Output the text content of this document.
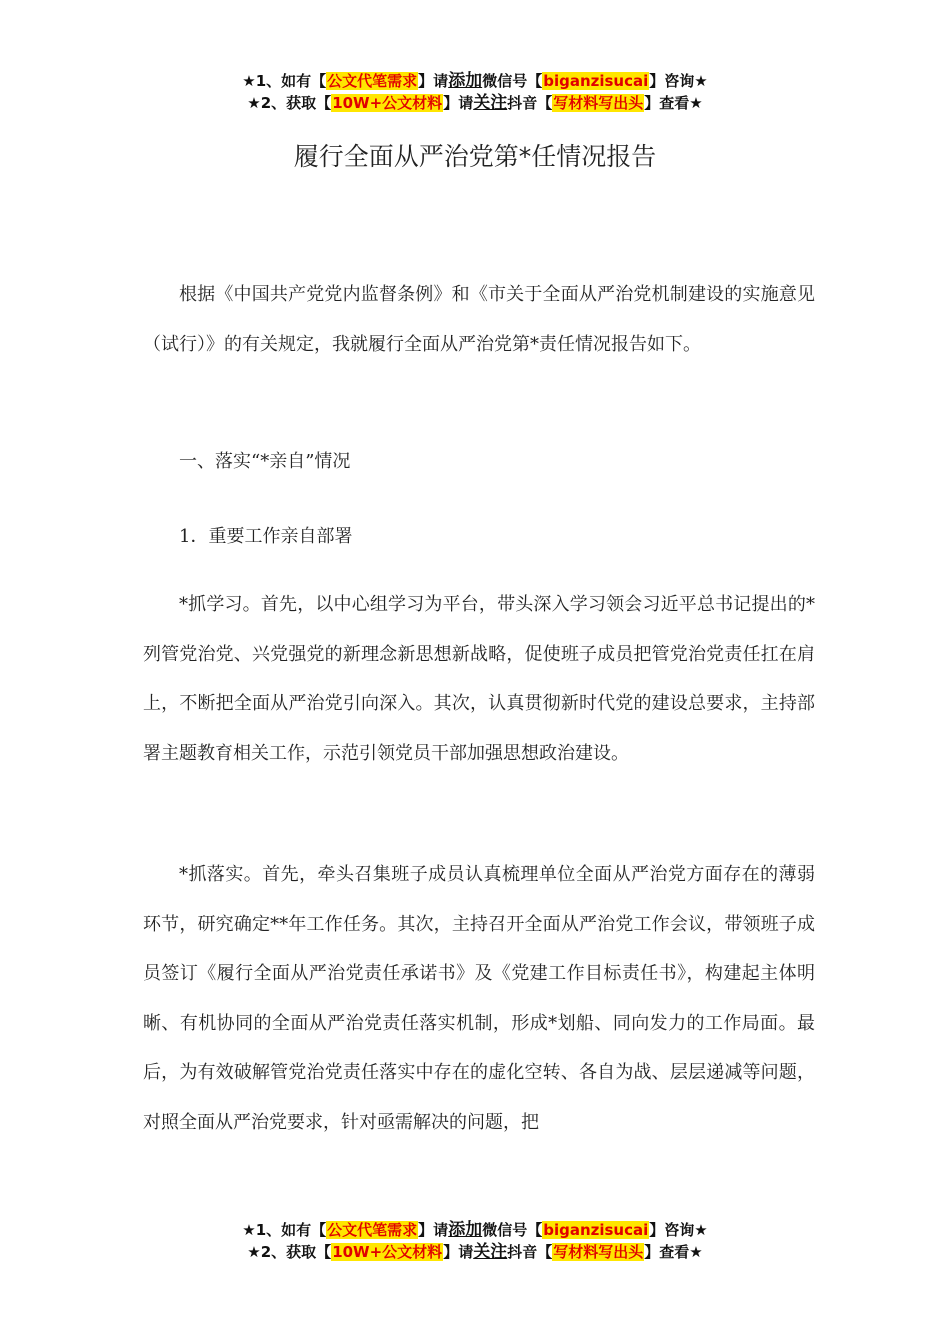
★1、如有【公文代笔需求】请添加微信号【biganzisucai】咨询★
★2、获取【10W+公文材料】请关注抖音【写材料写出头】查看★
履行全面从严治党第*任情况报告

根据《中国共产党党内监督条例》和《市关于全面从严治党机制建设的实施意见（试行）》的有关规定，我就履行全面从严治党第*责任情况报告如下。

一、落实“*亲自”情况

1．重要工作亲自部署

*抓学习。首先，以中心组学习为平台，带头深入学习领会习近平总书记提出的*列管党治党、兴党强党的新理念新思想新战略，促使班子成员把管党治党责任扛在肩上，不断把全面从严治党引向深入。其次，认真贯彻新时代党的建设总要求，主持部署主题教育相关工作，示范引领党员干部加强思想政治建设。

*抓落实。首先，牵头召集班子成员认真梳理单位全面从严治党方面存在的薄弱环节，研究确定**年工作任务。其次，主持召开全面从严治党工作会议，带领班子成员签订《履行全面从严治党责任承诺书》及《党建工作目标责任书》，构建起主体明晰、有机协同的全面从严治党责任落实机制，形成*划船、同向发力的工作局面。最后，为有效破解管党治党责任落实中存在的虚化空转、各自为战、层层递减等问题，对照全面从严治党要求，针对亟需解决的问题，把

★1、如有【公文代笔需求】请添加微信号【biganzisucai】咨询★
★2、获取【10W+公文材料】请关注抖音【写材料写出头】查看★
